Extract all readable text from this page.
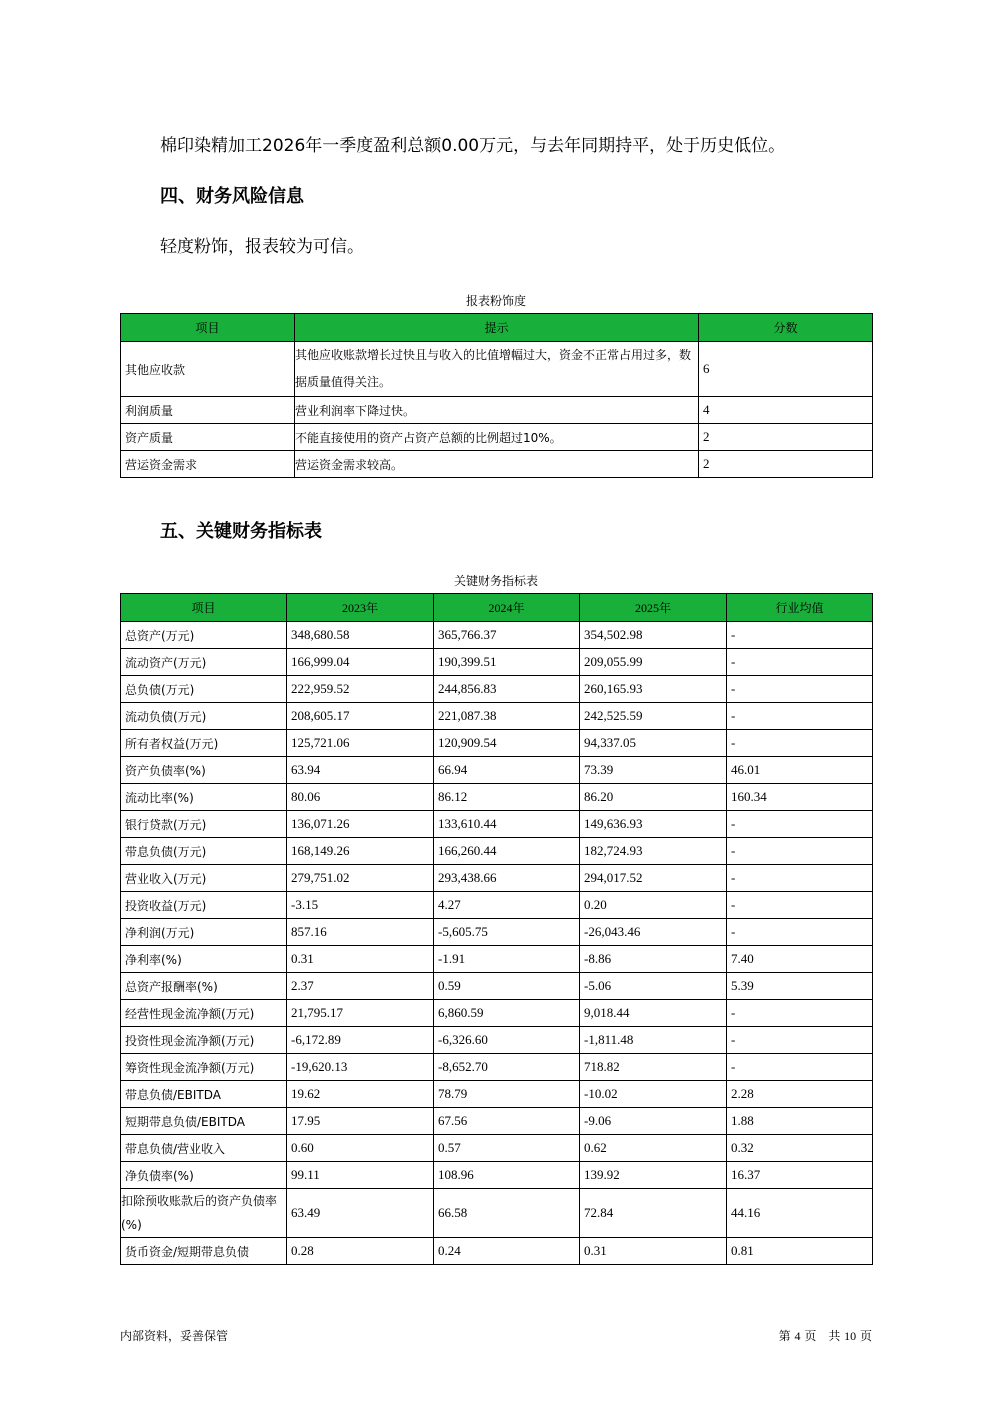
棉印染精加工2026年一季度盈利总额0.00万元，与去年同期持平，处于历史低位。
四、财务风险信息
轻度粉饰，报表较为可信。
报表粉饰度
项目	提示	分数
其他应收款	其他应收账款增长过快且与收入的比值增幅过大，资金不正常占用过多，数据质量值得关注。	6
利润质量	营业利润率下降过快。	4
资产质量	不能直接使用的资产占资产总额的比例超过10%。	2
营运资金需求	营运资金需求较高。	2
五、关键财务指标表
关键财务指标表
项目	2023年	2024年	2025年	行业均值
总资产(万元)	348,680.58	365,766.37	354,502.98	-
流动资产(万元)	166,999.04	190,399.51	209,055.99	-
总负债(万元)	222,959.52	244,856.83	260,165.93	-
流动负债(万元)	208,605.17	221,087.38	242,525.59	-
所有者权益(万元)	125,721.06	120,909.54	94,337.05	-
资产负债率(%)	63.94	66.94	73.39	46.01
流动比率(%)	80.06	86.12	86.20	160.34
银行贷款(万元)	136,071.26	133,610.44	149,636.93	-
带息负债(万元)	168,149.26	166,260.44	182,724.93	-
营业收入(万元)	279,751.02	293,438.66	294,017.52	-
投资收益(万元)	-3.15	4.27	0.20	-
净利润(万元)	857.16	-5,605.75	-26,043.46	-
净利率(%)	0.31	-1.91	-8.86	7.40
总资产报酬率(%)	2.37	0.59	-5.06	5.39
经营性现金流净额(万元)	21,795.17	6,860.59	9,018.44	-
投资性现金流净额(万元)	-6,172.89	-6,326.60	-1,811.48	-
筹资性现金流净额(万元)	-19,620.13	-8,652.70	718.82	-
带息负债/EBITDA	19.62	78.79	-10.02	2.28
短期带息负债/EBITDA	17.95	67.56	-9.06	1.88
带息负债/营业收入	0.60	0.57	0.62	0.32
净负债率(%)	99.11	108.96	139.92	16.37
扣除预收账款后的资产负债率(%)	63.49	66.58	72.84	44.16
货币资金/短期带息负债	0.28	0.24	0.31	0.81
内部资料，妥善保管	第 4 页　共 10 页
